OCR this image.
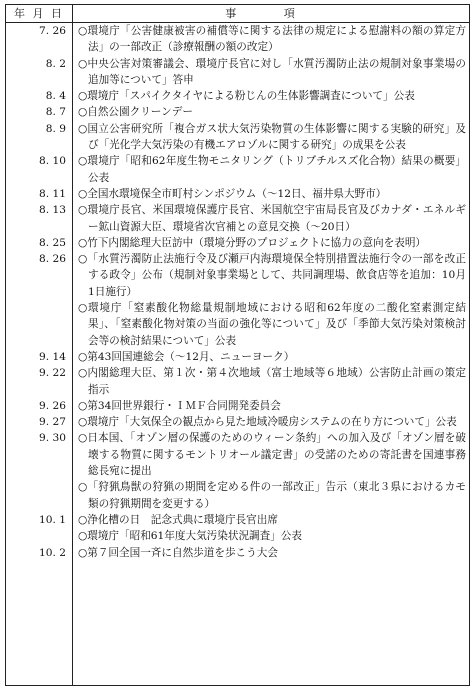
年 月 日	事 項
7. 26 ○環境庁「公害健康被害の補償等に関する法律の規定による慰謝料の額の算定方法」の一部改正（診療報酬の額の改定）
8. 2 ○中央公害対策審議会、環境庁長官に対し「水質汚濁防止法の規制対象事業場の追加等について」答申
8. 4 ○環境庁「スパイクタイヤによる粉じんの生体影響調査について」公表
8. 7 ○自然公園クリーンデー
8. 9 ○国立公害研究所「複合ガス状大気汚染物質の生体影響に関する実験的研究」及び「光化学大気汚染の有機エアロゾルに関する研究」の成果を公表
8. 10 ○環境庁「昭和62年度生物モニタリング（トリブチルスズ化合物）結果の概要」公表
8. 11 ○全国水環境保全市町村シンポジウム（～12日、福井県大野市）
8. 13 ○環境庁長官、米国環境保護庁長官、米国航空宇宙局長官及びカナダ・エネルギー鉱山資源大臣、環境省次官補との意見交換（～20日）
8. 25 ○竹下内閣総理大臣訪中（環境分野のプロジェクトに協力の意向を表明）
8. 26 ○「水質汚濁防止法施行令及び瀬戸内海環境保全特別措置法施行令の一部を改正する政令」公布（規制対象事業場として、共同調理場、飲食店等を追加：10月1日施行）
○環境庁「窒素酸化物総量規制地域における昭和62年度の二酸化窒素測定結果」、「窒素酸化物対策の当面の強化等について」及び「季節大気汚染対策検討会等の検討結果について」公表
9. 14 ○第43回国連総会（～12月、ニューヨーク）
9. 22 ○内閣総理大臣、第１次・第４次地域（富士地域等６地域）公害防止計画の策定指示
9. 26 ○第34回世界銀行・ＩＭＦ合同開発委員会
9. 27 ○環境庁「大気保全の観点から見た地域冷暖房システムの在り方について」公表
9. 30 ○日本国、「オゾン層の保護のためのウィーン条約」への加入及び「オゾン層を破壊する物質に関するモントリオール議定書」の受諾のための寄託書を国連事務総長宛に提出
○「狩猟鳥獣の狩猟の期間を定める件の一部改正」告示（東北３県におけるカモ類の狩猟期間を変更する）
10. 1 ○浄化槽の日　記念式典に環境庁長官出席
○環境庁「昭和61年度大気汚染状況調査」公表
10. 2 ○第７回全国一斉に自然歩道を歩こう大会
